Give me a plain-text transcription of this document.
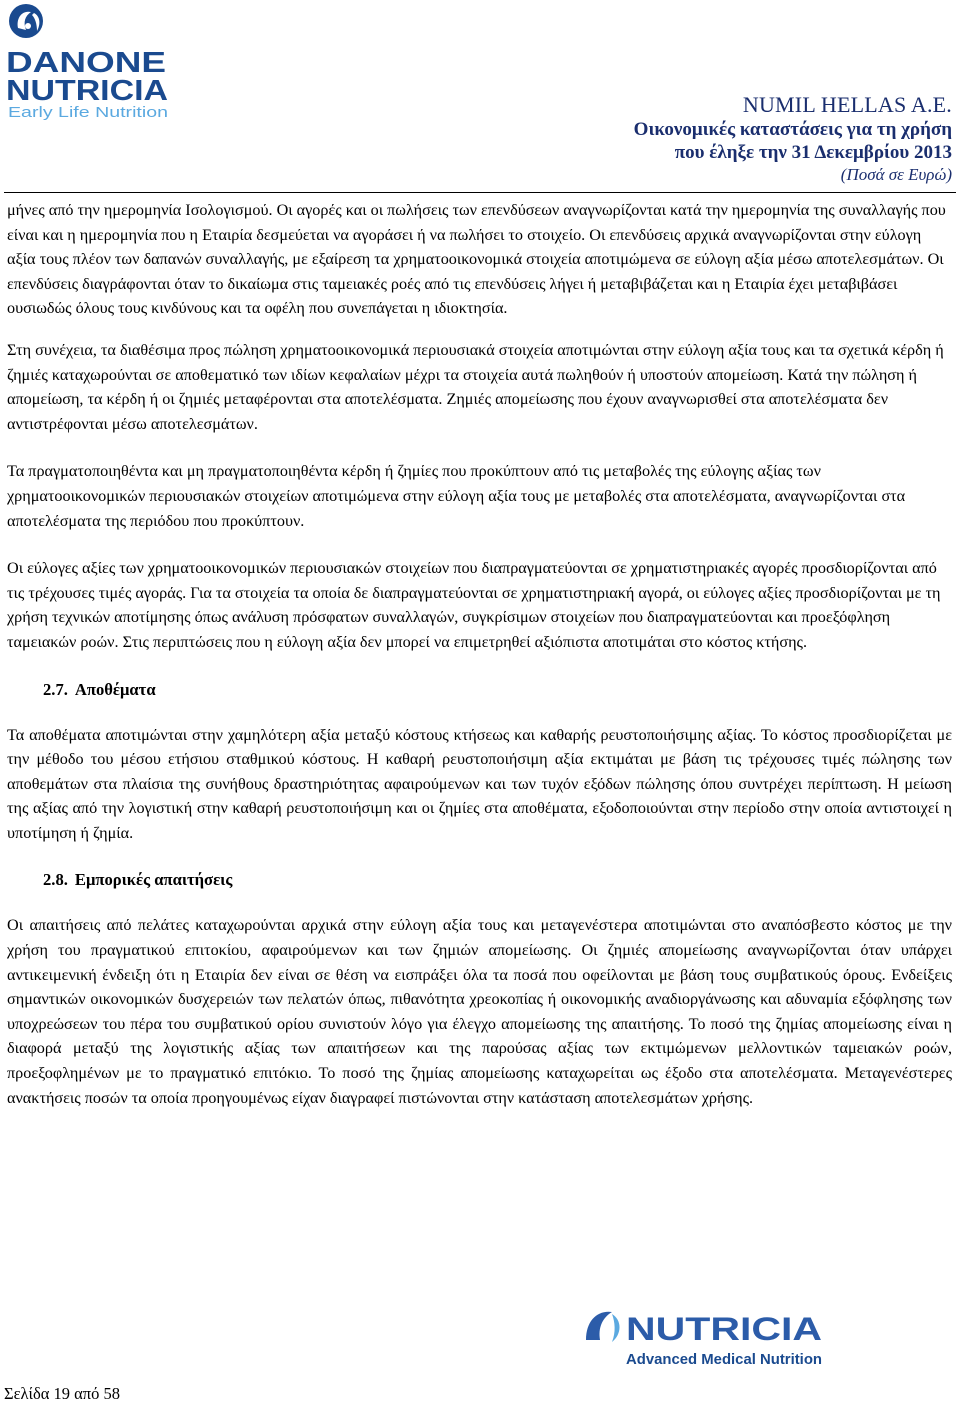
DANONE
NUTRICIA
Early Life Nutrition	NUMIL HELLAS A.E.
Οικονομικές καταστάσεις για τη χρήση
που έληξε την 31 Δεκεμβρίου 2013
(Ποσά σε Ευρώ)

μήνες από την ημερομηνία Ισολογισμού. Οι αγορές και οι πωλήσεις των επενδύσεων αναγνωρίζονται κατά την ημερομηνία της συναλλαγής που είναι και η ημερομηνία που η Εταιρία δεσμεύεται να αγοράσει ή να πωλήσει το στοιχείο. Οι επενδύσεις αρχικά αναγνωρίζονται στην εύλογη αξία τους πλέον των δαπανών συναλλαγής, με εξαίρεση τα χρηματοοικονομικά στοιχεία αποτιμώμενα σε εύλογη αξία μέσω αποτελεσμάτων. Οι επενδύσεις διαγράφονται όταν το δικαίωμα στις ταμειακές ροές από τις επενδύσεις λήγει ή μεταβιβάζεται και η Εταιρία έχει μεταβιβάσει ουσιωδώς όλους τους κινδύνους και τα οφέλη που συνεπάγεται η ιδιοκτησία.

Στη συνέχεια, τα διαθέσιμα προς πώληση χρηματοοικονομικά περιουσιακά στοιχεία αποτιμώνται στην εύλογη αξία τους και τα σχετικά κέρδη ή ζημιές καταχωρούνται σε αποθεματικό των ιδίων κεφαλαίων μέχρι τα στοιχεία αυτά πωληθούν ή υποστούν απομείωση. Κατά την πώληση ή απομείωση, τα κέρδη ή οι ζημιές μεταφέρονται στα αποτελέσματα. Ζημιές απομείωσης που έχουν αναγνωρισθεί στα αποτελέσματα δεν αντιστρέφονται μέσω αποτελεσμάτων.

Τα πραγματοποιηθέντα και μη πραγματοποιηθέντα κέρδη ή ζημίες που προκύπτουν από τις μεταβολές της εύλογης αξίας των χρηματοοικονομικών περιουσιακών στοιχείων αποτιμώμενα στην εύλογη αξία τους με μεταβολές στα αποτελέσματα, αναγνωρίζονται στα αποτελέσματα της περιόδου που προκύπτουν.

Οι εύλογες αξίες των χρηματοοικονομικών περιουσιακών στοιχείων που διαπραγματεύονται σε χρηματιστηριακές αγορές προσδιορίζονται από τις τρέχουσες τιμές αγοράς. Για τα στοιχεία τα οποία δε διαπραγματεύονται σε χρηματιστηριακή αγορά, οι εύλογες αξίες προσδιορίζονται με τη χρήση τεχνικών αποτίμησης όπως ανάλυση πρόσφατων συναλλαγών, συγκρίσιμων στοιχείων που διαπραγματεύονται και προεξόφληση ταμειακών ροών. Στις περιπτώσεις που η εύλογη αξία δεν μπορεί να επιμετρηθεί αξιόπιστα αποτιμάται στο κόστος κτήσης.

2.7. Αποθέματα

Τα αποθέματα αποτιμώνται στην χαμηλότερη αξία μεταξύ κόστους κτήσεως και καθαρής ρευστοποιήσιμης αξίας. Το κόστος προσδιορίζεται με την μέθοδο του μέσου ετήσιου σταθμικού κόστους. Η καθαρή ρευστοποιήσιμη αξία εκτιμάται με βάση τις τρέχουσες τιμές πώλησης των αποθεμάτων στα πλαίσια της συνήθους δραστηριότητας αφαιρούμενων και των τυχόν εξόδων πώλησης όπου συντρέχει περίπτωση. Η μείωση της αξίας από την λογιστική στην καθαρή ρευστοποιήσιμη και οι ζημίες στα αποθέματα, εξοδοποιούνται στην περίοδο στην οποία αντιστοιχεί η υποτίμηση ή ζημία.

2.8. Εμπορικές απαιτήσεις

Οι απαιτήσεις από πελάτες καταχωρούνται αρχικά στην εύλογη αξία τους και μεταγενέστερα αποτιμώνται στο αναπόσβεστο κόστος με την χρήση του πραγματικού επιτοκίου, αφαιρούμενων και των ζημιών απομείωσης. Οι ζημιές απομείωσης αναγνωρίζονται όταν υπάρχει αντικειμενική ένδειξη ότι η Εταιρία δεν είναι σε θέση να εισπράξει όλα τα ποσά που οφείλονται με βάση τους συμβατικούς όρους. Ενδείξεις σημαντικών οικονομικών δυσχερειών των πελατών όπως, πιθανότητα χρεοκοπίας ή οικονομικής αναδιοργάνωσης και αδυναμία εξόφλησης των υποχρεώσεων του πέρα του συμβατικού ορίου συνιστούν λόγο για έλεγχο απομείωσης της απαιτήσης. Το ποσό της ζημίας απομείωσης είναι η διαφορά μεταξύ της λογιστικής αξίας των απαιτήσεων και της παρούσας αξίας των εκτιμώμενων μελλοντικών ταμειακών ροών, προεξοφλημένων με το πραγματικό επιτόκιο. Το ποσό της ζημίας απομείωσης καταχωρείται ως έξοδο στα αποτελέσματα. Μεταγενέστερες ανακτήσεις ποσών τα οποία προηγουμένως είχαν διαγραφεί πιστώνονται στην κατάσταση αποτελεσμάτων χρήσης.

NUTRICIA
Advanced Medical Nutrition
Σελίδα 19 από 58
